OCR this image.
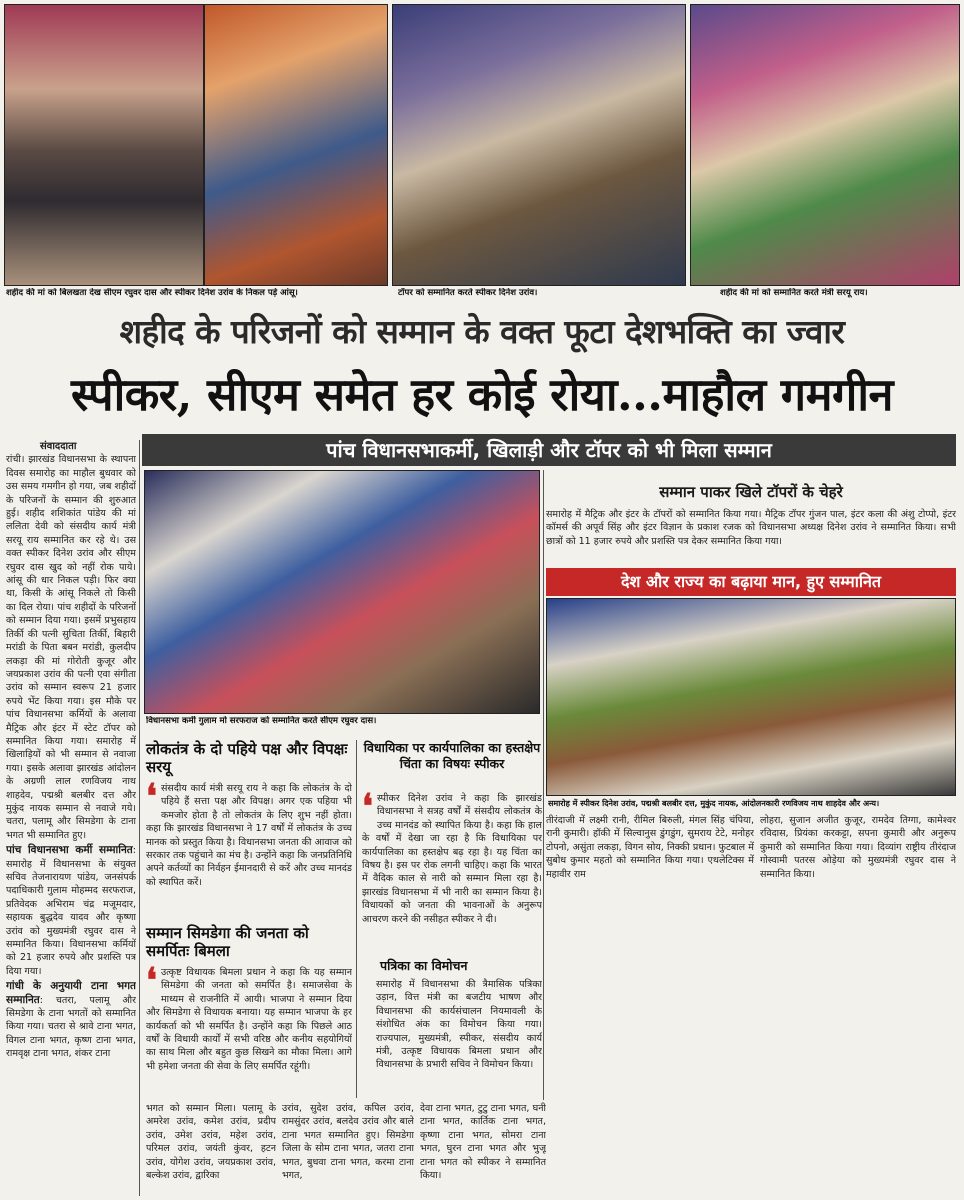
शहीद की मां को बिलखता देख सीएम रघुवर दास और स्पीकर दिनेश उरांव के निकल पड़े आंसू।	टॉपर को सम्मानित करते स्पीकर दिनेश उरांव।	शहीद की मां को सम्मानित करते मंत्री सरयू राय।
शहीद के परिजनों को सम्मान के वक्त फूटा देशभक्ति का ज्वार
स्पीकर, सीएम समेत हर कोई रोया...माहौल गमगीन
पांच विधानसभाकर्मी, खिलाड़ी और टॉपर को भी मिला सम्मान
संवाददाता
रांची। झारखंड विधानसभा के स्थापना दिवस समारोह का माहौल बुधवार को उस समय गमगीन हो गया, जब शहीदों के परिजनों के सम्मान की शुरुआत हुई। शहीद शशिकांत पांडेय की मां ललिता देवी को संसदीय कार्य मंत्री सरयू राय सम्मानित कर रहे थे। उस वक्त स्पीकर दिनेश उरांव और सीएम रघुवर दास खुद को नहीं रोक पाये। आंसू की धार निकल पड़ी। फिर क्या था, किसी के आंसू निकले तो किसी का दिल रोया। पांच शहीदों के परिजनों को सम्मान दिया गया। इसमें प्रभुसहाय तिर्की की पत्नी सुचिता तिर्की, बिहारी मरांडी के पिता बबन मरांडी, कुलदीप लकड़ा की मां गोरोती कुजूर और जयप्रकाश उरांव की पत्नी एवा संगीता उरांव को सम्मान स्वरूप 21 हजार रुपये भेंट किया गया। इस मौके पर पांच विधानसभा कर्मियों के अलावा मैट्रिक और इंटर में स्टेट टॉपर को सम्मानित किया गया। समारोह में खिलाड़ियों को भी सम्मान से नवाजा गया। इसके अलावा झारखंड आंदोलन के अग्रणी लाल रणविजय नाथ शाहदेव, पद्मश्री बलबीर दत्त और मुकुंद नायक सम्मान से नवाजे गये। चतरा, पलामू और सिमडेगा के टाना भगत भी सम्मानित हुए।
पांच विधानसभा कर्मी सम्मानित: समारोह में विधानसभा के संयुक्त सचिव तेजनारायण पांडेय, जनसंपर्क पदाधिकारी गुलाम मोहम्मद सरफराज, प्रतिवेदक अभिराम चंद्र मजूमदार, सहायक बुद्धदेव यादव और कृष्णा उरांव को मुख्यमंत्री रघुवर दास ने सम्मानित किया। विधानसभा कर्मियों को 21 हजार रुपये और प्रशस्ति पत्र दिया गया।
गांधी के अनुयायी टाना भगत सम्मानित: चतरा, पलामू और सिमडेगा के टाना भगतों को सम्मानित किया गया। चतरा से श्रावे टाना भगत, विगल टाना भगत, कृष्ण टाना भगत, रामवृक्ष टाना भगत, शंकर टाना
विधानसभा कर्मी गुलाम मो सरफराज को सम्मानित करते सीएम रघुवर दास।
सम्मान पाकर खिले टॉपरों के चेहरे
समारोह में मैट्रिक और इंटर के टॉपरों को सम्मानित किया गया। मैट्रिक टॉपर गुंजन पाल, इंटर कला की अंशु टोप्पो, इंटर कॉमर्स की अपूर्व सिंह और इंटर विज्ञान के प्रकाश रजक को विधानसभा अध्यक्ष दिनेश उरांव ने सम्मानित किया। सभी छात्रों को 11 हजार रुपये और प्रशस्ति पत्र देकर सम्मानित किया गया।
देश और राज्य का बढ़ाया मान, हुए सम्मानित
समारोह में स्पीकर दिनेश उरांव, पद्मश्री बलबीर दत्त, मुकुंद नायक, आंदोलनकारी रणविजय नाथ शाहदेव और अन्य।
तीरंदाजी में लक्ष्मी रानी, रीमिल बिरुली, मंगल सिंह चंपिया, रानी कुमारी। हॉकी में सिल्वानुस डुंगडुंग, सुमराय टेटे, मनोहर टोपनो, असुंता लकड़ा, विगन सोय, निक्की प्रधान। फुटबाल में सुबोध कुमार महतो को सम्मानित किया गया। एथलेटिक्स में महावीर राम
लोहरा, सुजान अजीत कुजूर, रामदेव तिग्गा, कामेश्वर रविदास, प्रियंका करकट्टा, सपना कुमारी और अनुरूप कुमारी को सम्मानित किया गया। दिव्यांग राष्ट्रीय तीरंदाज गोस्वामी पतरस ओड़ेया को मुख्यमंत्री रघुवर दास ने सम्मानित किया।
लोकतंत्र के दो पहिये पक्ष और विपक्षः सरयू
❛ संसदीय कार्य मंत्री सरयू राय ने कहा कि लोकतंत्र के दो पहिये हैं सत्ता पक्ष और विपक्ष। अगर एक पहिया भी कमजोर होता है तो लोकतंत्र के लिए शुभ नहीं होता। कहा कि झारखंड विधानसभा ने 17 वर्षों में लोकतंत्र के उच्च मानक को प्रस्तुत किया है। विधानसभा जनता की आवाज को सरकार तक पहुंचाने का मंच है। उन्होंने कहा कि जनप्रतिनिधि अपने कर्तव्यों का निर्वहन ईमानदारी से करें और उच्च मानदंड को स्थापित करें।
सम्मान सिमडेगा की जनता को समर्पितः बिमला
❛ उत्कृष्ट विधायक बिमला प्रधान ने कहा कि यह सम्मान सिमडेगा की जनता को समर्पित है। समाजसेवा के माध्यम से राजनीति में आयी। भाजपा ने सम्मान दिया और सिमडेगा से विधायक बनाया। यह सम्मान भाजपा के हर कार्यकर्ता को भी समर्पित है। उन्होंने कहा कि पिछले आठ वर्षों के विधायी कार्यों में सभी वरिष्ठ और कनीय सहयोगियों का साथ मिला और बहुत कुछ सिखने का मौका मिला। आगे भी हमेशा जनता की सेवा के लिए समर्पित रहूंगी।
विधायिका पर कार्यपालिका का हस्तक्षेप चिंता का विषयः स्पीकर
❛ स्पीकर दिनेश उरांव ने कहा कि झारखंड विधानसभा ने सत्रह वर्षों में संसदीय लोकतंत्र के उच्च मानदंड को स्थापित किया है। कहा कि हाल के वर्षों में देखा जा रहा है कि विधायिका पर कार्यपालिका का हस्तक्षेप बढ़ रहा है। यह चिंता का विषय है। इस पर रोक लगनी चाहिए। कहा कि भारत में वैदिक काल से नारी को सम्मान मिला रहा है। झारखंड विधानसभा में भी नारी का सम्मान किया है। विधायकों को जनता की भावनाओं के अनुरूप आचरण करने की नसीहत स्पीकर ने दी।
पत्रिका का विमोचन
समारोह में विधानसभा की त्रैमासिक पत्रिका उड़ान, वित्त मंत्री का बजटीय भाषण और विधानसभा की कार्यसंचालन नियमावली के संशोधित अंक का विमोचन किया गया। राज्यपाल, मुख्यमंत्री, स्पीकर, संसदीय कार्य मंत्री, उत्कृष्ट विधायक बिमला प्रधान और विधानसभा के प्रभारी सचिव ने विमोचन किया।
भगत को सम्मान मिला। पलामू के अमरेश उरांव, कमेश उरांव, प्रदीप उरांव, उमेश उरांव, महेश उरांव, परिमल उरांव, जयंती कुंवर, हटन उरांव, योगेश उरांव, जयप्रकाश उरांव, बल्केश उरांव, द्वारिका
उरांव, सुदेश उरांव, कपिल उरांव, रामसुंदर उरांव, बलदेव उरांव और बाले टाना भगत सम्मानित हुए। सिमडेगा जिला के सोम टाना भगत, जतरा टाना भगत, बुधवा टाना भगत, करमा टाना भगत,
देवा टाना भगत, टुटु टाना भगत, घनी टाना भगत, कार्तिक टाना भगत, कृष्णा टाना भगत, सोमरा टाना भगत, घुरन टाना भगत और भुजू टाना भगत को स्पीकर ने सम्मानित किया।
